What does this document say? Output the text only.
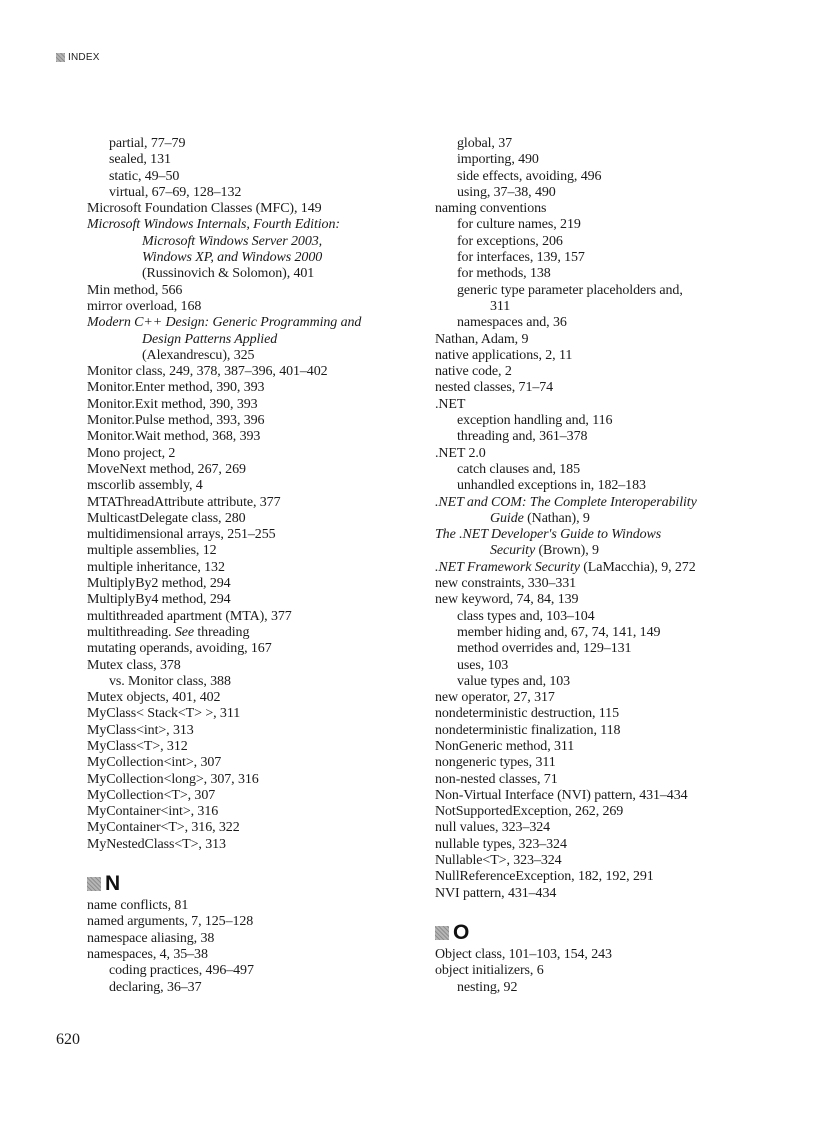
INDEX
partial, 77–79
sealed, 131
static, 49–50
virtual, 67–69, 128–132
Microsoft Foundation Classes (MFC), 149
Microsoft Windows Internals, Fourth Edition:
Microsoft Windows Server 2003,
Windows XP, and Windows 2000
(Russinovich & Solomon), 401
Min method, 566
mirror overload, 168
Modern C++ Design: Generic Programming and
Design Patterns Applied
(Alexandrescu), 325
Monitor class, 249, 378, 387–396, 401–402
Monitor.Enter method, 390, 393
Monitor.Exit method, 390, 393
Monitor.Pulse method, 393, 396
Monitor.Wait method, 368, 393
Mono project, 2
MoveNext method, 267, 269
mscorlib assembly, 4
MTAThreadAttribute attribute, 377
MulticastDelegate class, 280
multidimensional arrays, 251–255
multiple assemblies, 12
multiple inheritance, 132
MultiplyBy2 method, 294
MultiplyBy4 method, 294
multithreaded apartment (MTA), 377
multithreading. See threading
mutating operands, avoiding, 167
Mutex class, 378
vs. Monitor class, 388
Mutex objects, 401, 402
MyClass< Stack<T> >, 311
MyClass<int>, 313
MyClass<T>, 312
MyCollection<int>, 307
MyCollection<long>, 307, 316
MyCollection<T>, 307
MyContainer<int>, 316
MyContainer<T>, 316, 322
MyNestedClass<T>, 313
N
name conflicts, 81
named arguments, 7, 125–128
namespace aliasing, 38
namespaces, 4, 35–38
coding practices, 496–497
declaring, 36–37
global, 37
importing, 490
side effects, avoiding, 496
using, 37–38, 490
naming conventions
for culture names, 219
for exceptions, 206
for interfaces, 139, 157
for methods, 138
generic type parameter placeholders and,
311
namespaces and, 36
Nathan, Adam, 9
native applications, 2, 11
native code, 2
nested classes, 71–74
.NET
exception handling and, 116
threading and, 361–378
.NET 2.0
catch clauses and, 185
unhandled exceptions in, 182–183
.NET and COM: The Complete Interoperability
Guide (Nathan), 9
The .NET Developer's Guide to Windows
Security (Brown), 9
.NET Framework Security (LaMacchia), 9, 272
new constraints, 330–331
new keyword, 74, 84, 139
class types and, 103–104
member hiding and, 67, 74, 141, 149
method overrides and, 129–131
uses, 103
value types and, 103
new operator, 27, 317
nondeterministic destruction, 115
nondeterministic finalization, 118
NonGeneric method, 311
nongeneric types, 311
non-nested classes, 71
Non-Virtual Interface (NVI) pattern, 431–434
NotSupportedException, 262, 269
null values, 323–324
nullable types, 323–324
Nullable<T>, 323–324
NullReferenceException, 182, 192, 291
NVI pattern, 431–434
O
Object class, 101–103, 154, 243
object initializers, 6
nesting, 92
620
